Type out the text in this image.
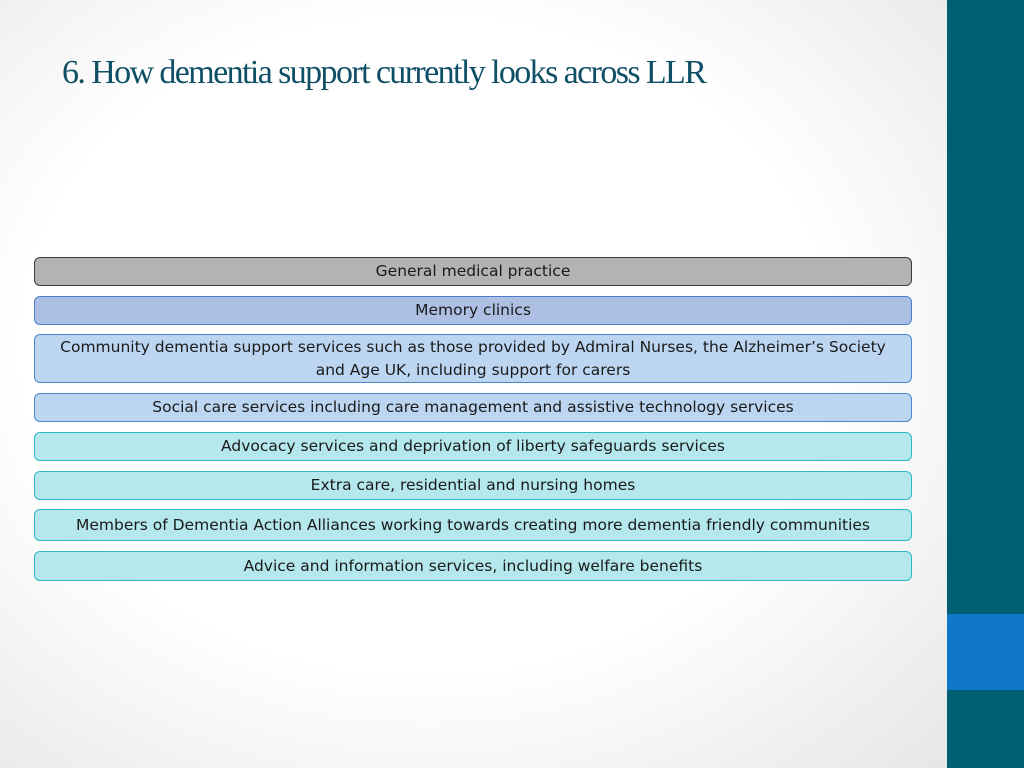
6. How dementia support currently looks across LLR
General medical practice
Memory clinics
Community dementia support services such as those provided by Admiral Nurses, the Alzheimer’s Society and Age UK, including support for carers
Social care services including care management and assistive technology services
Advocacy services and deprivation of liberty safeguards services
Extra care, residential and nursing homes
Members of Dementia Action Alliances working towards creating more dementia friendly communities
Advice and information services, including welfare benefits
